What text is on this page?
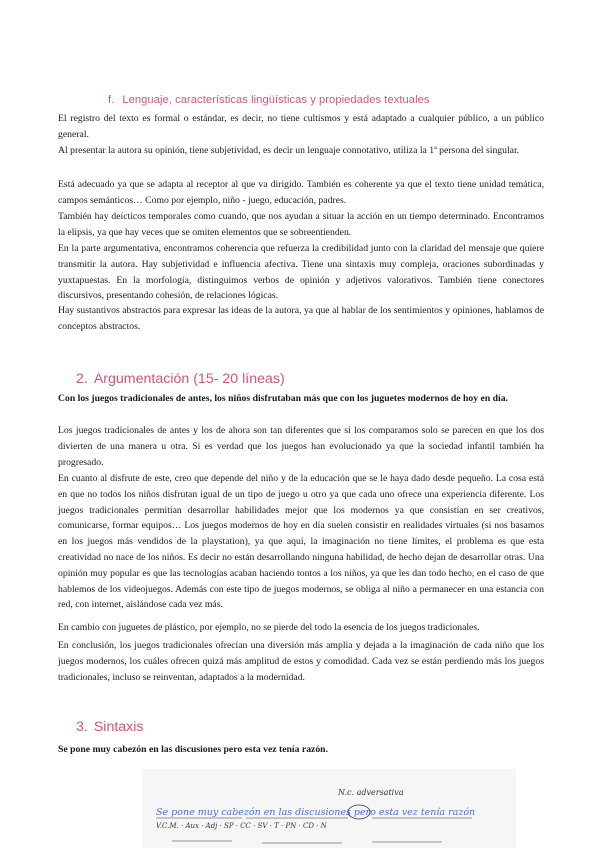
f. Lenguaje, características lingüísticas y propiedades textuales

El registro del texto es formal o estándar, es decir, no tiene cultismos y está adaptado a cualquier público, a un público general.

Al presentar la autora su opinión, tiene subjetividad, es decir un lenguaje connotativo, utiliza la 1ª persona del singular.

Está adecuado ya que se adapta al receptor al que va dirigido. También es coherente ya que el texto tiene unidad temática, campos semánticos… Como por ejemplo, niño - juego, educación, padres.

También hay deícticos temporales como cuando, que nos ayudan a situar la acción en un tiempo determinado. Encontramos la elipsis, ya que hay veces que se omiten elementos que se sobreentienden.

En la parte argumentativa, encontramos coherencia que refuerza la credibilidad junto con la claridad del mensaje que quiere transmitir la autora. Hay subjetividad e influencia afectiva. Tiene una sintaxis muy compleja, oraciones subordinadas y yuxtapuestas. En la morfología, distinguimos verbos de opinión y adjetivos valorativos. También tiene conectores discursivos, presentando cohesión, de relaciones lógicas.

Hay sustantivos abstractos para expresar las ideas de la autora, ya que al hablar de los sentimientos y opiniones, hablamos de conceptos abstractos.

2. Argumentación (15- 20 líneas)

Con los juegos tradicionales de antes, los niños disfrutaban más que con los juguetes modernos de hoy en día.

Los juegos tradicionales de antes y los de ahora son tan diferentes que si los comparamos solo se parecen en que los dos divierten de una manera u otra. Si es verdad que los juegos han evolucionado ya que la sociedad infantil también ha progresado.

En cuanto al disfrute de este, creo que depende del niño y de la educación que se le haya dado desde pequeño. La cosa está en que no todos los niños disfrutan igual de un tipo de juego u otro ya que cada uno ofrece una experiencia diferente. Los juegos tradicionales permitían desarrollar habilidades mejor que los modernos ya que consistían en ser creativos, comunicarse, formar equipos… Los juegos modernos de hoy en día suelen consistir en realidades virtuales (si nos basamos en los juegos más vendidos de la playstation), ya que aquí, la imaginación no tiene límites, el problema es que esta creatividad no nace de los niños. Es decir no están desarrollando ninguna habilidad, de hecho dejan de desarrollar otras. Una opinión muy popular es que las tecnologías acaban haciendo tontos a los niños, ya que les dan todo hecho, en el caso de que hablemos de los videojuegos. Además con este tipo de juegos modernos, se obliga al niño a permanecer en una estancia con red, con internet, aislándose cada vez más.

En cambio con juguetes de plástico, por ejemplo, no se pierde del todo la esencia de los juegos tradicionales.

En conclusión, los juegos tradicionales ofrecían una diversión más amplia y dejada a la imaginación de cada niño que los juegos modernos, los cuáles ofrecen quizá más amplitud de estos y comodidad. Cada vez se están perdiendo más los juegos tradicionales, incluso se reinventan, adaptados a la modernidad.

3. Sintaxis

Se pone muy cabezón en las discusiones pero esta vez tenía razón.

N.c. adversativa
Se pone muy cabezón en las discusiones pero esta vez tenía razón
V.C.M. · Aux · Adj · SP · CC · SV · T · PN · CD · N
